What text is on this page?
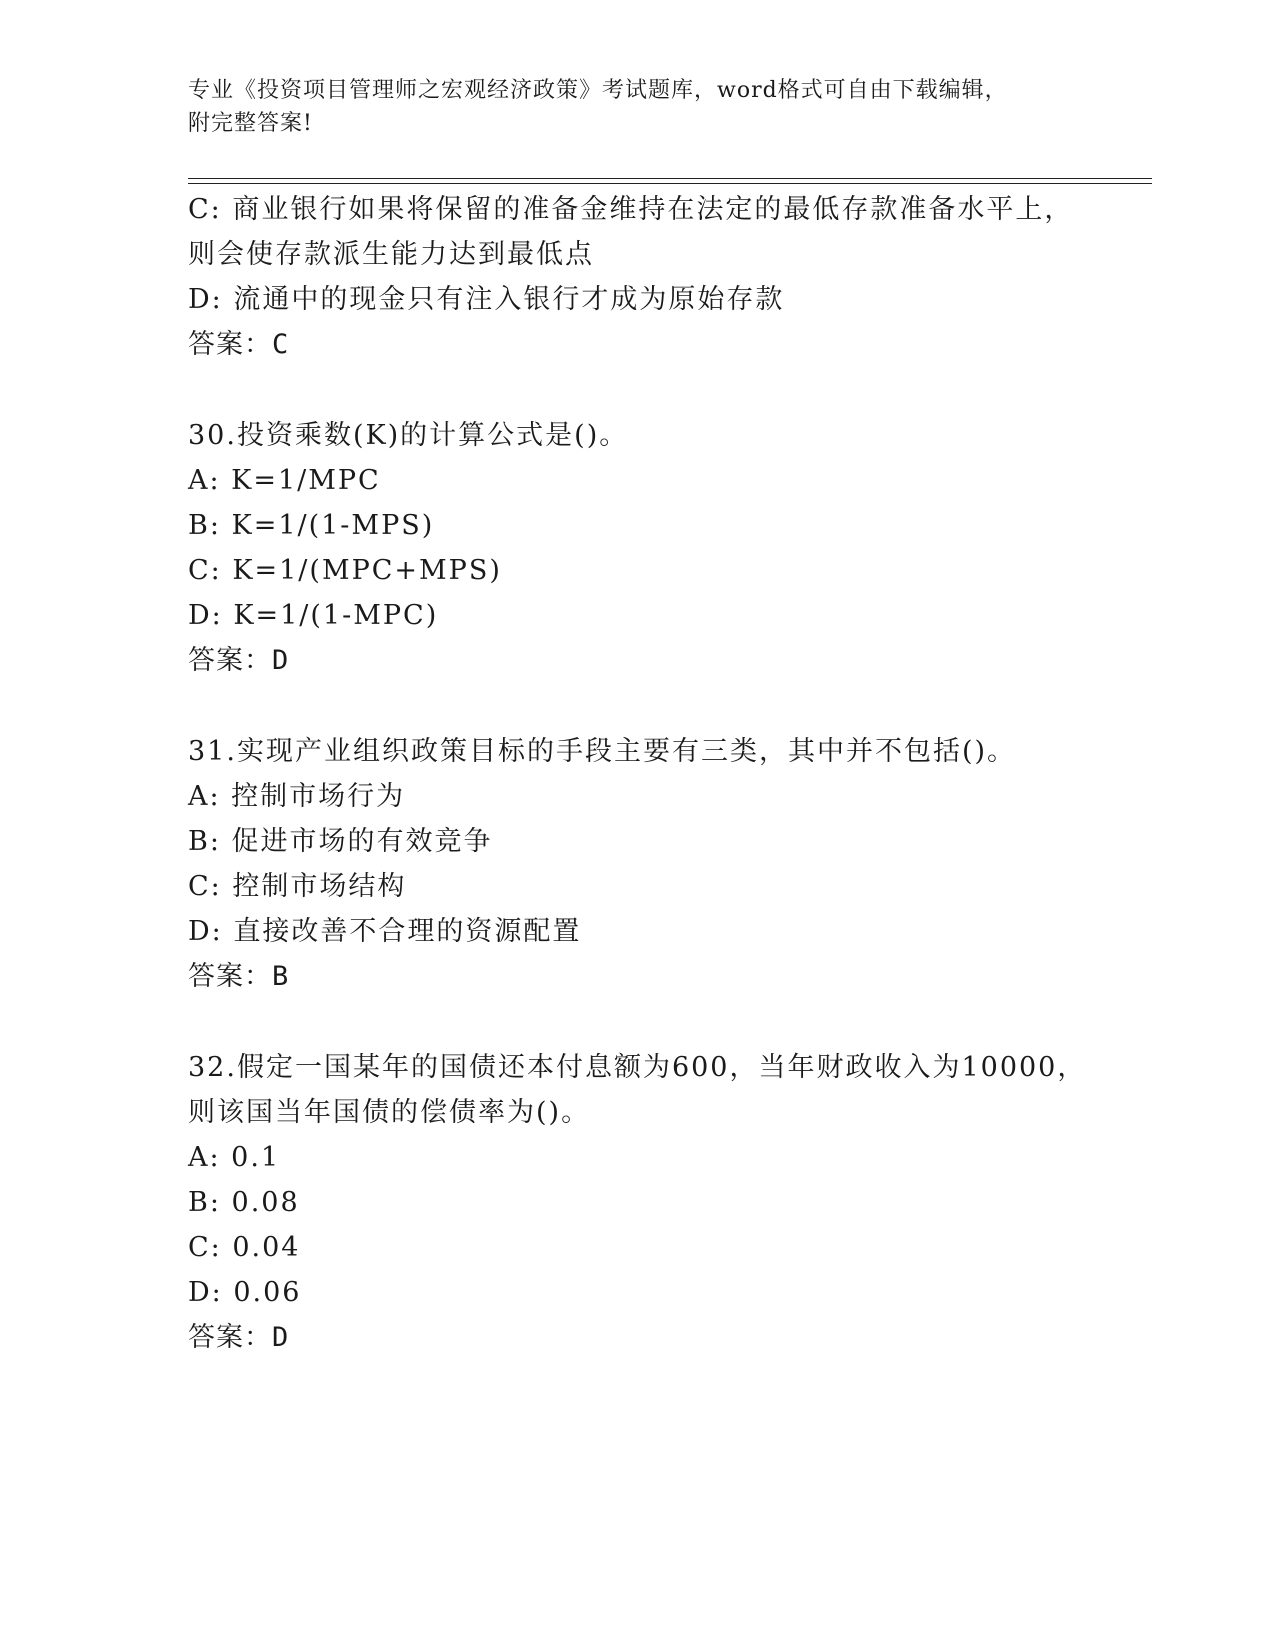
专业《投资项目管理师之宏观经济政策》考试题库，word格式可自由下载编辑，
附完整答案!
C: 商业银行如果将保留的准备金维持在法定的最低存款准备水平上，
则会使存款派生能力达到最低点
D: 流通中的现金只有注入银行才成为原始存款
答案：C
30.投资乘数(K)的计算公式是()。
A: K=1/MPC
B: K=1/(1-MPS)
C: K=1/(MPC+MPS)
D: K=1/(1-MPC)
答案：D
31.实现产业组织政策目标的手段主要有三类，其中并不包括()。
A: 控制市场行为
B: 促进市场的有效竞争
C: 控制市场结构
D: 直接改善不合理的资源配置
答案：B
32.假定一国某年的国债还本付息额为600，当年财政收入为10000，
则该国当年国债的偿债率为()。
A: 0.1
B: 0.08
C: 0.04
D: 0.06
答案：D
